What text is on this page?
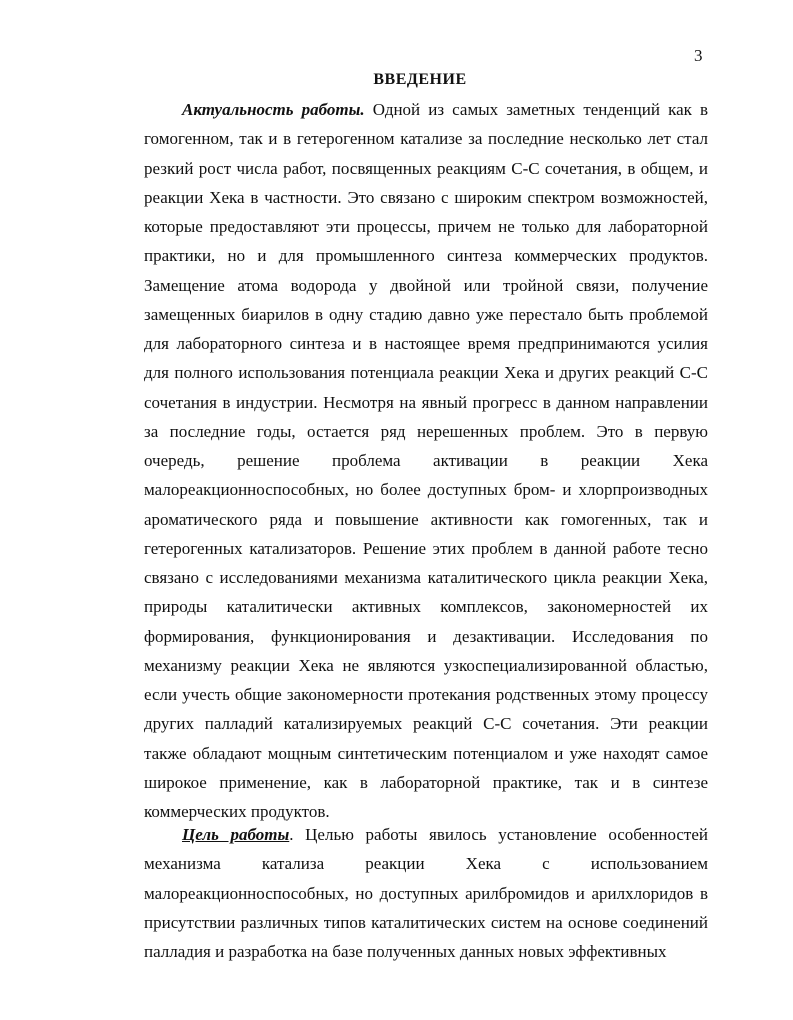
3
ВВЕДЕНИЕ

Актуальность работы. Одной из самых заметных тенденций как в гомогенном, так и в гетерогенном катализе за последние несколько лет стал резкий рост числа работ, посвященных реакциям С-С сочетания, в общем, и реакции Хека в частности. Это связано с широким спектром возможностей, которые предоставляют эти процессы, причем не только для лабораторной практики, но и для промышленного синтеза коммерческих продуктов. Замещение атома водорода у двойной или тройной связи, получение замещенных биарилов в одну стадию давно уже перестало быть проблемой для лабораторного синтеза и в настоящее время предпринимаются усилия для полного использования потенциала реакции Хека и других реакций С-С сочетания в индустрии. Несмотря на явный прогресс в данном направлении за последние годы, остается ряд нерешенных проблем. Это в первую очередь, решение проблема активации в реакции Хека малореакционноспособных, но более доступных бром- и хлорпроизводных ароматического ряда и повышение активности как гомогенных, так и гетерогенных катализаторов. Решение этих проблем в данной работе тесно связано с исследованиями механизма каталитического цикла реакции Хека, природы каталитически активных комплексов, закономерностей их формирования, функционирования и дезактивации. Исследования по механизму реакции Хека не являются узкоспециализированной областью, если учесть общие закономерности протекания родственных этому процессу других палладий катализируемых реакций С-С сочетания. Эти реакции также обладают мощным синтетическим потенциалом и уже находят самое широкое применение, как в лабораторной практике, так и в синтезе коммерческих продуктов.

Цель работы. Целью работы явилось установление особенностей механизма катализа реакции Хека с использованием малореакционноспособных, но доступных арилбромидов и арилхлоридов в присутствии различных типов каталитических систем на основе соединений палладия и разработка на базе полученных данных новых эффективных
